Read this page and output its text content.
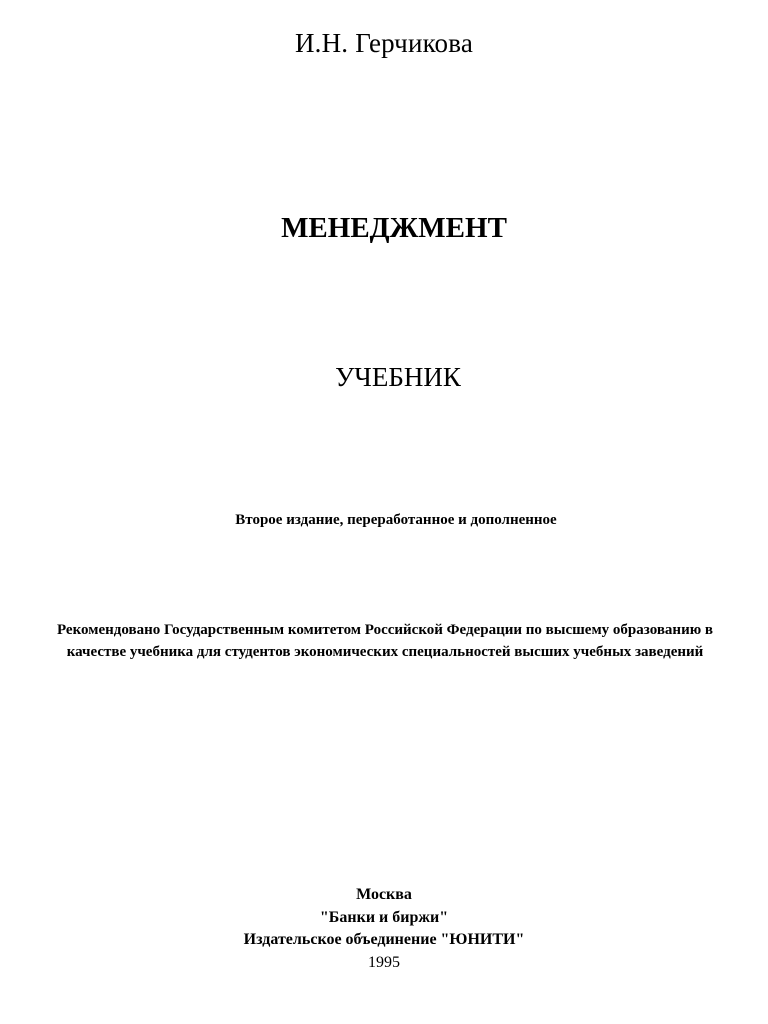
И.Н. Герчикова
МЕНЕДЖМЕНТ
УЧЕБНИК
Второе издание, переработанное и дополненное
Рекомендовано Государственным комитетом Российской Федерации по высшему образованию в качестве учебника для студентов экономических специальностей высших учебных заведений
Москва
"Банки и биржи"
Издательское объединение "ЮНИТИ"
1995
